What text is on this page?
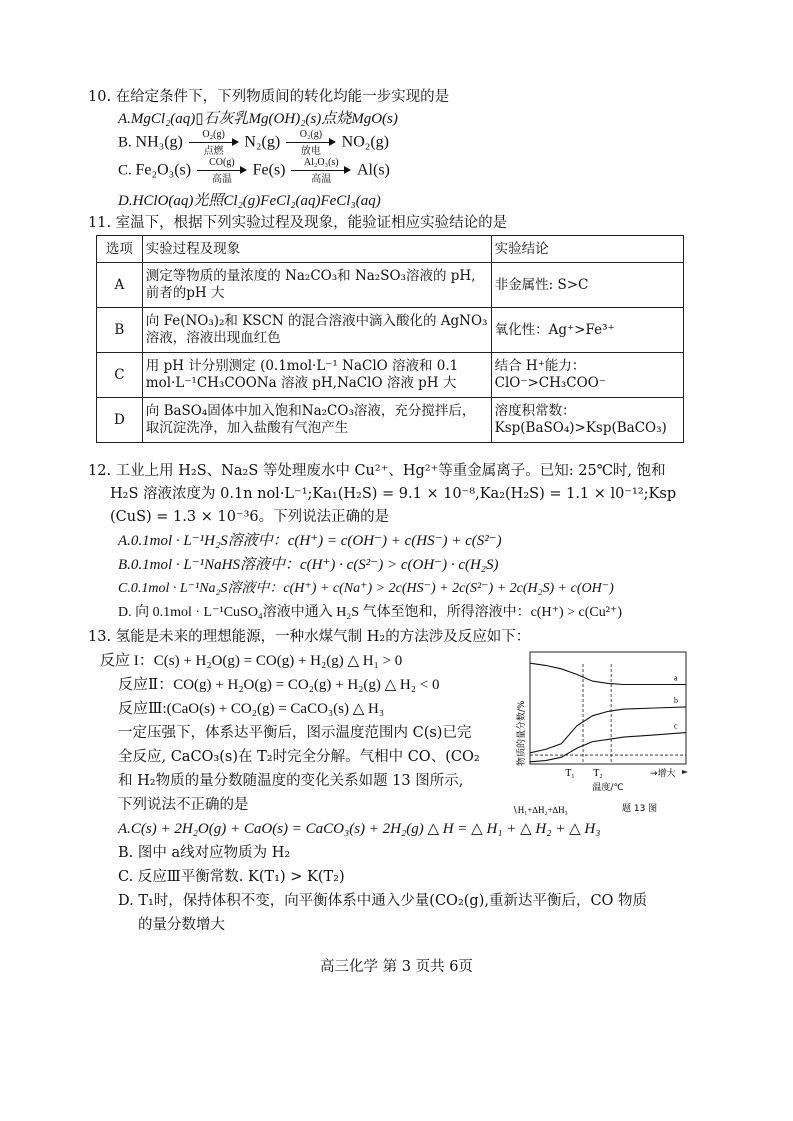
10. 在给定条件下，下列物质间的转化均能一步实现的是
A.MgCl₂(aq)▯石灰乳Mg(OH)₂(s)点烧MgO(s)
B. NH₃(g)	O₂(g)
点燃
N₂(g)	O₂(g)
放电
NO₂(g)
C. Fe₂O₃(s)	CO(g)
高温
Fe(s)	Al₂O₃(s)
高温
Al(s)
D.HClO(aq)光照Cl₂(g)FeCl₂(aq)FeCl₃(aq)
11. 室温下，根据下列实验过程及现象，能验证相应实验结论的是
选项	实验过程及现象	实验结论
A	测定等物质的量浓度的 Na₂CO₃和 Na₂SO₃溶液的 pH,前者的pH 大	非金属性: S>C
B	向 Fe(NO₃)₂和 KSCN 的混合溶液中滴入酸化的 AgNO₃溶液，溶液出现血红色	氧化性：Ag⁺>Fe³⁺
C	用 pH 计分别测定 (0.1mol·L⁻¹ NaClO 溶液和 0.1 mol·L⁻¹CH₃COONa 溶液 pH,NaClO 溶液 pH 大	结合 H⁺能力：ClO⁻>CH₃COO⁻
D	向 BaSO₄固体中加入饱和Na₂CO₃溶液，充分搅拌后，取沉淀洗净，加入盐酸有气泡产生	溶度积常数：Ksp(BaSO₄)>Ksp(BaCO₃)
12. 工业上用 H₂S、Na₂S 等处理废水中 Cu²⁺、Hg²⁺等重金属离子。已知: 25℃时, 饱和
H₂S 溶液浓度为 0.1n nol·L⁻¹;Ka₁(H₂S) = 9.1 × 10⁻⁸,Ka₂(H₂S) = 1.1 × l0⁻¹²;Ksp
(CuS) = 1.3 × 10⁻³6。下列说法正确的是
A.0.1mol · L⁻¹H₂S溶液中：c(H⁺) = c(OH⁻) + c(HS⁻) + c(S²⁻)
B.0.1mol · L⁻¹NaHS溶液中：c(H⁺) · c(S²⁻) > c(OH⁻) · c(H₂S)
C.0.1mol · L⁻¹Na₂S溶液中：c(H⁺) + c(Na⁺) > 2c(HS⁻) + 2c(S²⁻) + 2c(H₂S) + c(OH⁻)
D. 向 0.1mol · L⁻¹CuSO₄溶液中通入 H₂S 气体至饱和，所得溶液中：c(H⁺) > c(Cu²⁺)
13. 氢能是未来的理想能源，一种水煤气制 H₂的方法涉及反应如下：
反应 I：C(s) + H₂O(g) = CO(g) + H₂(g) △ H₁ > 0
反应Ⅱ：CO(g) + H₂O(g) = CO₂(g) + H₂(g) △ H₂ < 0
反应Ⅲ:(CaO(s) + CO₂(g) = CaCO₃(s) △ H₃
一定压强下，体系达平衡后，图示温度范围内 C(s)已完
全反应, CaCO₃(s)在 T₂时完全分解。气相中 CO、(CO₂
和 H₂物质的量分数随温度的变化关系如题 13 图所示,
下列说法不正确的是
a
b
c
物质的量分数/%
T₁ T₂
温度/℃
→增大
题 13 图
∖H₁+∆H₂+∆H₃
A.C(s) + 2H₂O(g) + CaO(s) = CaCO₃(s) + 2H₂(g) △ H = △ H₁ + △ H₂ + △ H₃
B. 图中 a线对应物质为 H₂
C. 反应Ⅲ平衡常数. K(T₁) > K(T₂)
D. T₁时，保持体积不变，向平衡体系中通入少量(CO₂(g),重新达平衡后，CO 物质
的量分数增大
高三化学 第 3 页共 6页
